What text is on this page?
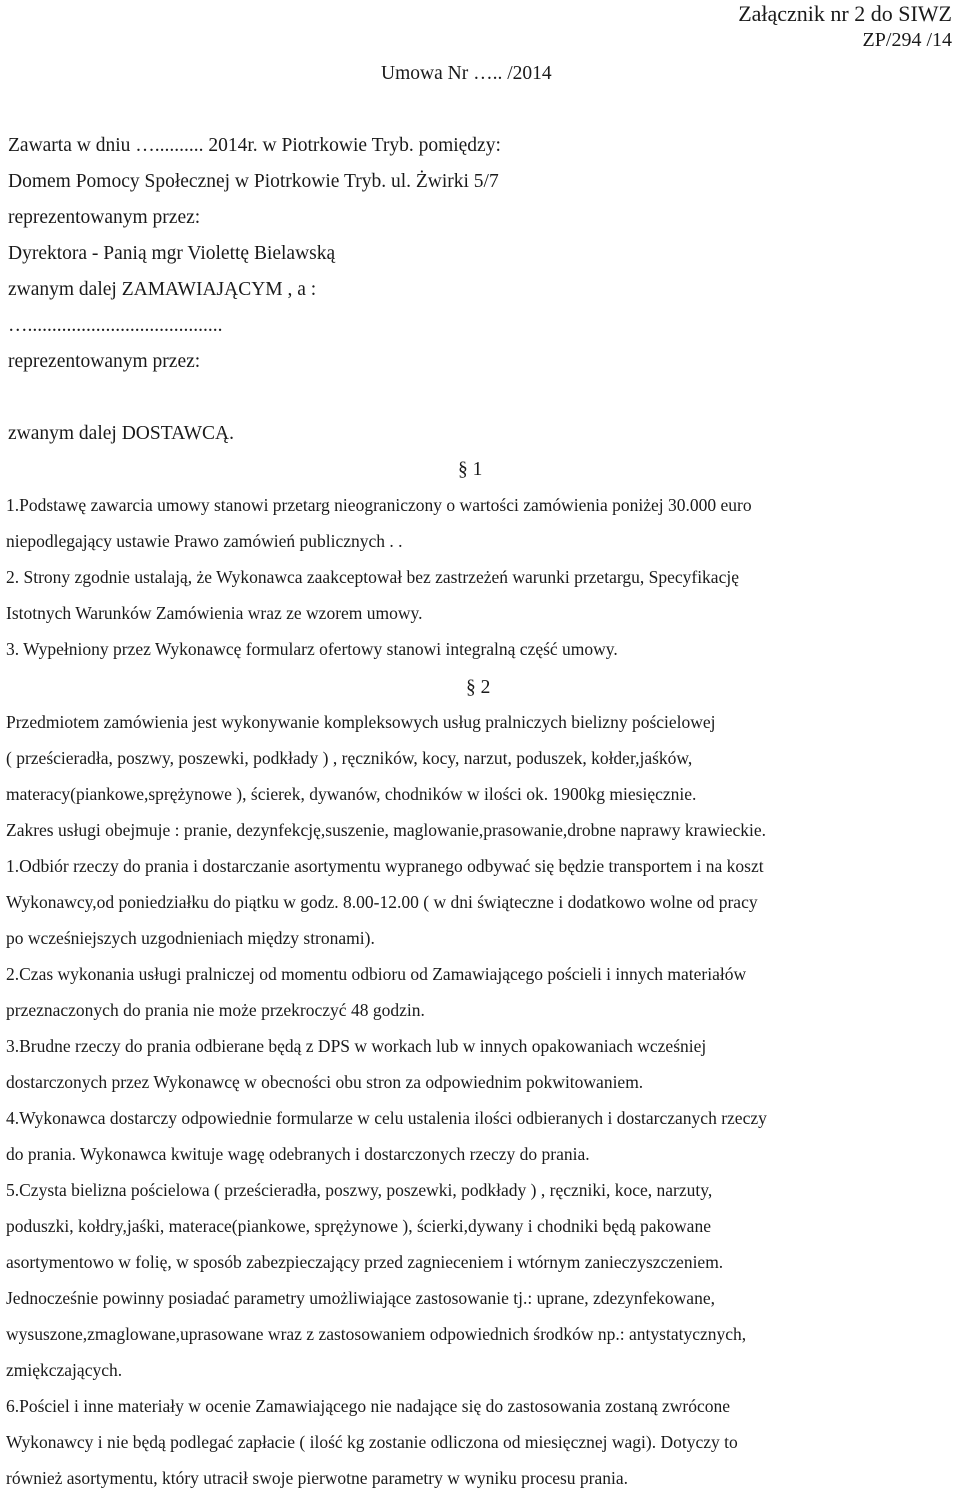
Załącznik nr 2 do SIWZ
ZP/294 /14
Umowa Nr ….. /2014
Zawarta w dniu ….......... 2014r. w Piotrkowie Tryb. pomiędzy:
Domem Pomocy Społecznej w Piotrkowie Tryb. ul. Żwirki 5/7
reprezentowanym przez:
Dyrektora - Panią mgr Violettę Bielawską
zwanym dalej ZAMAWIAJĄCYM , a :
…........................................
reprezentowanym przez:
zwanym dalej DOSTAWCĄ.
§ 1
1.Podstawę zawarcia umowy stanowi przetarg nieograniczony o wartości zamówienia poniżej 30.000 euro
niepodlegający ustawie Prawo zamówień publicznych . .
2. Strony zgodnie ustalają, że Wykonawca zaakceptował bez zastrzeżeń warunki przetargu, Specyfikację
Istotnych Warunków Zamówienia wraz ze wzorem umowy.
3. Wypełniony przez Wykonawcę formularz ofertowy stanowi integralną część umowy.
§ 2
Przedmiotem zamówienia jest wykonywanie kompleksowych usług pralniczych bielizny pościelowej
( prześcieradła, poszwy, poszewki, podkłady ) , ręczników, kocy, narzut, poduszek, kołder,jaśków,
materacy(piankowe,sprężynowe ), ścierek, dywanów, chodników w ilości ok. 1900kg miesięcznie.
Zakres usługi obejmuje : pranie, dezynfekcję,suszenie, maglowanie,prasowanie,drobne naprawy krawieckie.
1.Odbiór rzeczy do prania i dostarczanie asortymentu wypranego odbywać się będzie transportem i na koszt
Wykonawcy,od poniedziałku do piątku w godz. 8.00-12.00 ( w dni świąteczne i dodatkowo wolne od pracy
po wcześniejszych uzgodnieniach między stronami).
2.Czas wykonania usługi pralniczej od momentu odbioru od Zamawiającego pościeli i innych materiałów
przeznaczonych do prania nie może przekroczyć 48 godzin.
3.Brudne rzeczy do prania odbierane będą z DPS w workach lub w innych opakowaniach wcześniej
dostarczonych przez Wykonawcę w obecności obu stron za odpowiednim pokwitowaniem.
4.Wykonawca dostarczy odpowiednie formularze w celu ustalenia ilości odbieranych i dostarczanych rzeczy
do prania. Wykonawca kwituje wagę odebranych i dostarczonych rzeczy do prania.
5.Czysta bielizna pościelowa ( prześcieradła, poszwy, poszewki, podkłady ) , ręczniki, koce, narzuty,
poduszki, kołdry,jaśki, materace(piankowe, sprężynowe ), ścierki,dywany i chodniki będą pakowane
asortymentowo w folię, w sposób zabezpieczający przed zagnieceniem i wtórnym zanieczyszczeniem.
Jednocześnie powinny posiadać parametry umożliwiające zastosowanie tj.: uprane, zdezynfekowane,
wysuszone,zmaglowane,uprasowane wraz z zastosowaniem odpowiednich środków np.: antystatycznych,
zmiękczających.
6.Pościel i inne materiały w ocenie Zamawiającego nie nadające się do zastosowania zostaną zwrócone
Wykonawcy i nie będą podlegać zapłacie ( ilość kg zostanie odliczona od miesięcznej wagi). Dotyczy to
również asortymentu, który utracił swoje pierwotne parametry w wyniku procesu prania.
